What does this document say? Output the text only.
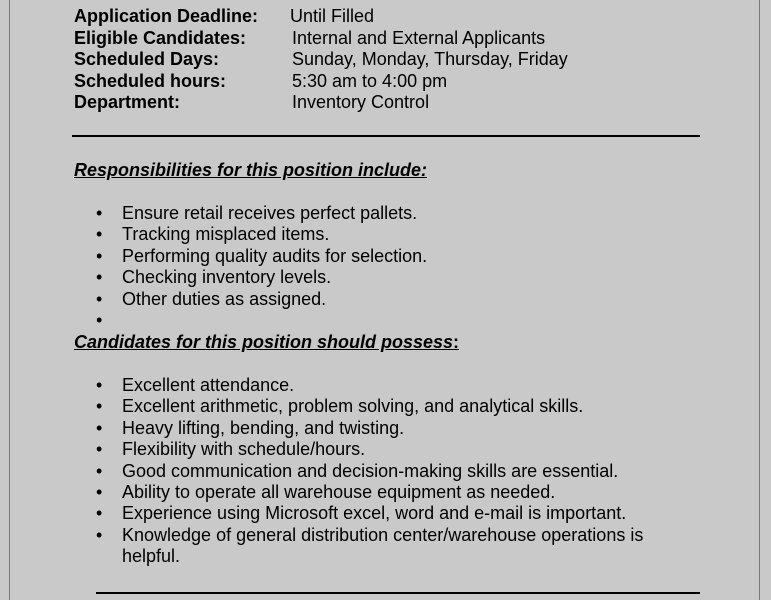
Application Deadline: Until Filled
Eligible Candidates:	Internal and External Applicants
Scheduled Days:	Sunday, Monday, Thursday, Friday
Scheduled hours:	5:30 am to 4:00 pm
Department:	Inventory Control
Responsibilities for this position include:
• Ensure retail receives perfect pallets.
• Tracking misplaced items.
• Performing quality audits for selection.
• Checking inventory levels.
• Other duties as assigned.
•
Candidates for this position should possess:
• Excellent attendance.
• Excellent arithmetic, problem solving, and analytical skills.
• Heavy lifting, bending, and twisting.
• Flexibility with schedule/hours.
• Good communication and decision-making skills are essential.
• Ability to operate all warehouse equipment as needed.
• Experience using Microsoft excel, word and e-mail is important.
• Knowledge of general distribution center/warehouse operations is helpful.
